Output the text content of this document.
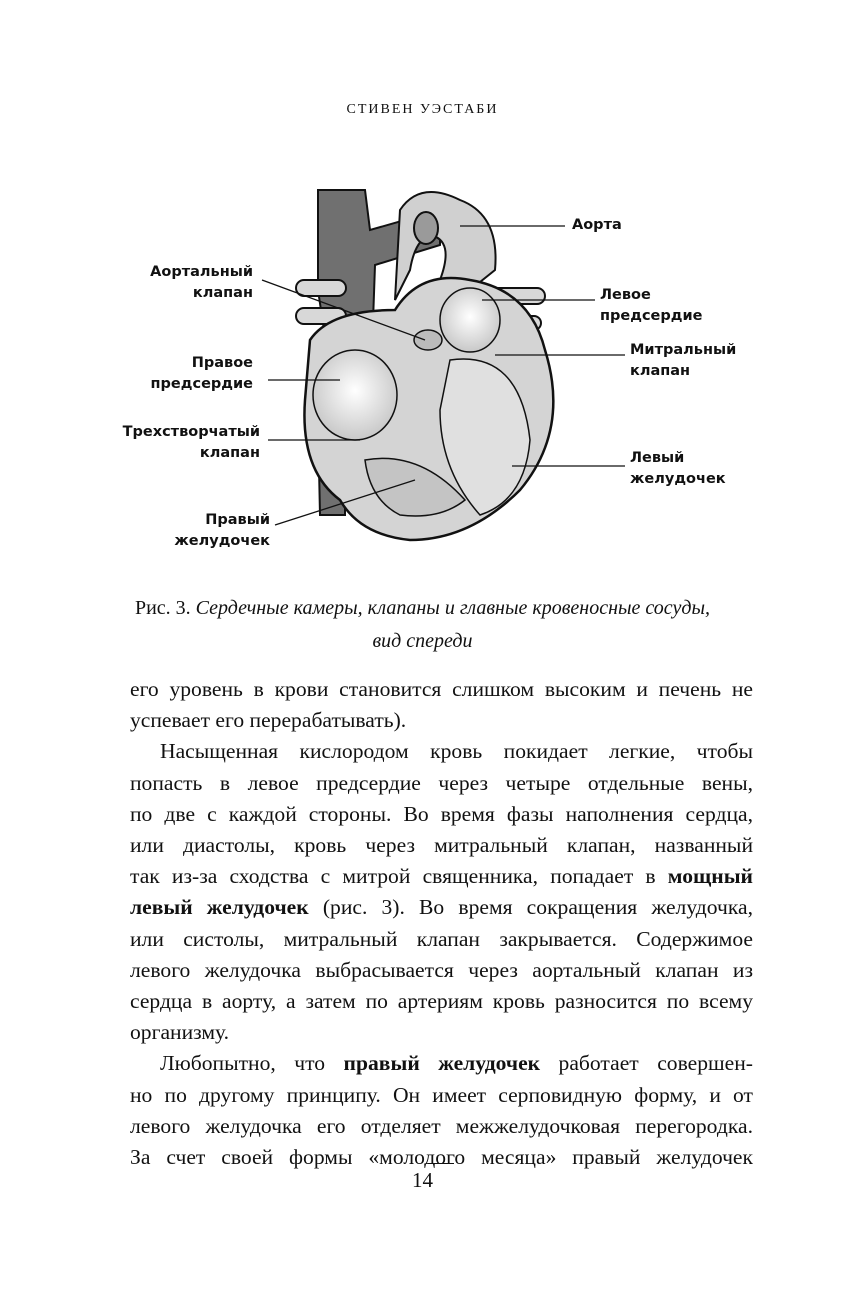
СТИВЕН УЭСТАБИ
Аорта
Аортальный
клапан	Левое
предсердие
Правое
предсердие
Митральный
клапан
Трехстворчатый
клапан	Левый
желудочек
Правый
желудочек
Рис. 3. Сердечные камеры, клапаны и главные кровеносные сосуды,
вид спереди
его уровень в крови становится слишком высоким и печень не
успевает его перерабатывать).
Насыщенная кислородом кровь покидает легкие, чтобы
попасть в левое предсердие через четыре отдельные вены,
по две с каждой стороны. Во время фазы наполнения сердца,
или диастолы, кровь через митральный клапан, названный
так из-за сходства с митрой священника, попадает в мощный
левый желудочек (рис. 3). Во время сокращения желудочка,
или систолы, митральный клапан закрывается. Содержимое
левого желудочка выбрасывается через аортальный клапан из
сердца в аорту, а затем по артериям кровь разносится по всему
организму.
Любопытно, что правый желудочек работает совершен-
но по другому принципу. Он имеет серповидную форму, и от
левого желудочка его отделяет межжелудочковая перегородка.
За счет своей формы «молодого месяца» правый желудочек
14
